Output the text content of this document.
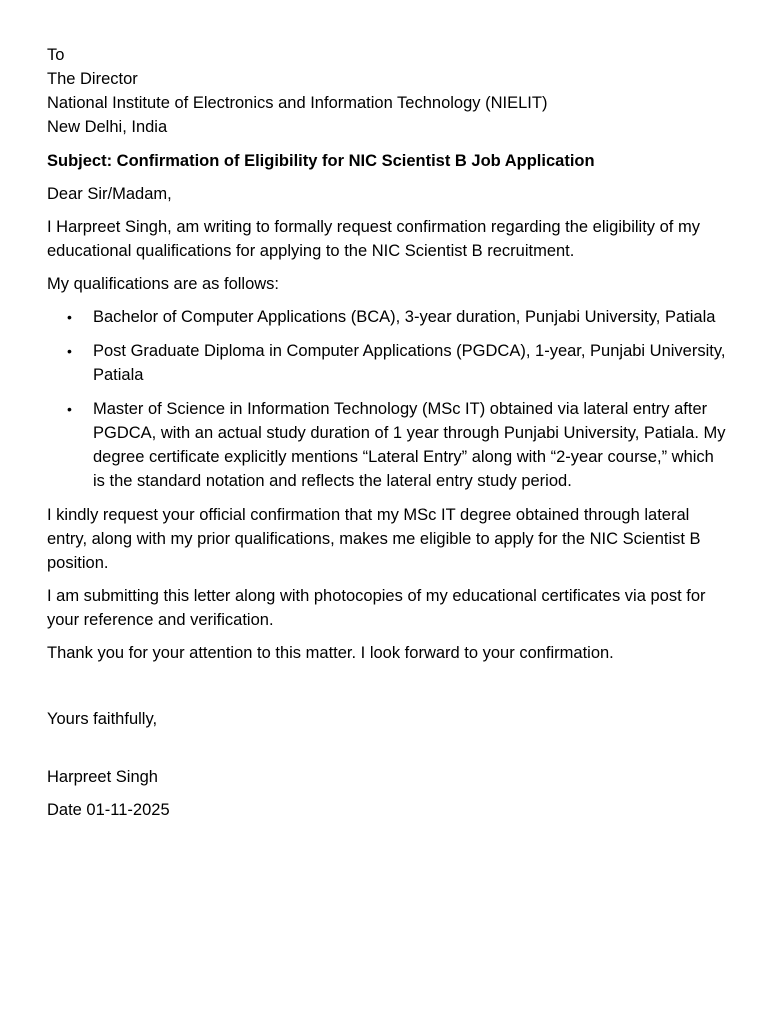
To
The Director
National Institute of Electronics and Information Technology (NIELIT)
New Delhi, India
Subject: Confirmation of Eligibility for NIC Scientist B Job Application
Dear Sir/Madam,
I Harpreet Singh, am writing to formally request confirmation regarding the eligibility of my educational qualifications for applying to the NIC Scientist B recruitment.
My qualifications are as follows:
• Bachelor of Computer Applications (BCA), 3-year duration, Punjabi University, Patiala
• Post Graduate Diploma in Computer Applications (PGDCA), 1-year, Punjabi University, Patiala
• Master of Science in Information Technology (MSc IT) obtained via lateral entry after PGDCA, with an actual study duration of 1 year through Punjabi University, Patiala. My degree certificate explicitly mentions “Lateral Entry” along with “2-year course,” which is the standard notation and reflects the lateral entry study period.
I kindly request your official confirmation that my MSc IT degree obtained through lateral entry, along with my prior qualifications, makes me eligible to apply for the NIC Scientist B position.
I am submitting this letter along with photocopies of my educational certificates via post for your reference and verification.
Thank you for your attention to this matter. I look forward to your confirmation.
Yours faithfully,
Harpreet Singh
Date 01-11-2025
